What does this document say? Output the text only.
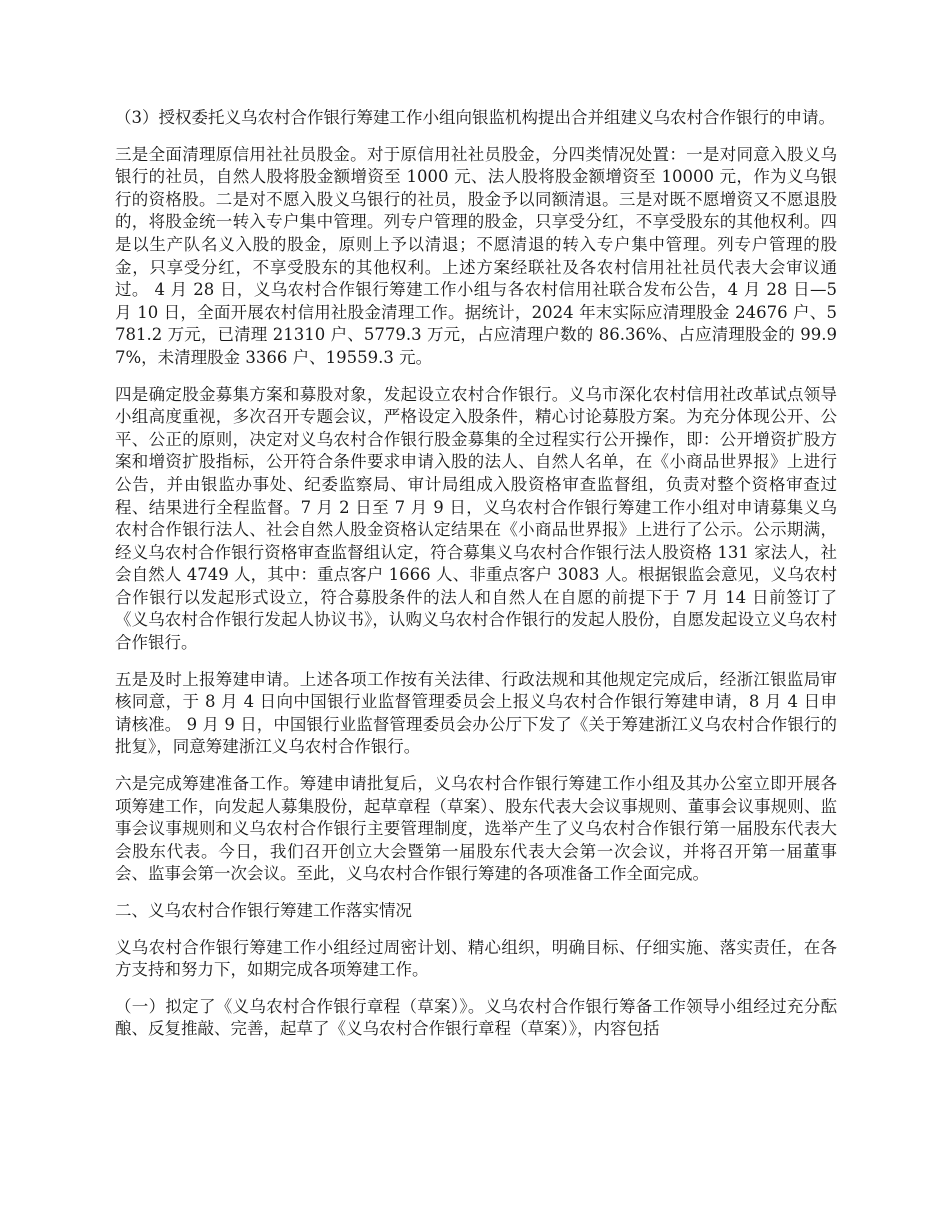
（3）授权委托义乌农村合作银行筹建工作小组向银监机构提出合并组建义乌农村合作银行的申请。

三是全面清理原信用社社员股金。对于原信用社社员股金，分四类情况处置：一是对同意入股义乌银行的社员，自然人股将股金额增资至 1000 元、法人股将股金额增资至 10000 元，作为义乌银行的资格股。二是对不愿入股义乌银行的社员，股金予以同额清退。三是对既不愿增资又不愿退股的，将股金统一转入专户集中管理。列专户管理的股金，只享受分红，不享受股东的其他权利。四是以生产队名义入股的股金，原则上予以清退；不愿清退的转入专户集中管理。列专户管理的股金，只享受分红，不享受股东的其他权利。上述方案经联社及各农村信用社社员代表大会审议通过。 4 月 28 日，义乌农村合作银行筹建工作小组与各农村信用社联合发布公告，4 月 28 日—5 月 10 日，全面开展农村信用社股金清理工作。据统计，2024 年末实际应清理股金 24676 户、5781.2 万元，已清理 21310 户、5779.3 万元，占应清理户数的 86.36%、占应清理股金的 99.97%，未清理股金 3366 户、19559.3 元。

四是确定股金募集方案和募股对象，发起设立农村合作银行。义乌市深化农村信用社改革试点领导小组高度重视，多次召开专题会议，严格设定入股条件，精心讨论募股方案。为充分体现公开、公平、公正的原则，决定对义乌农村合作银行股金募集的全过程实行公开操作，即：公开增资扩股方案和增资扩股指标，公开符合条件要求申请入股的法人、自然人名单，在《小商品世界报》上进行公告，并由银监办事处、纪委监察局、审计局组成入股资格审查监督组，负责对整个资格审查过程、结果进行全程监督。7 月 2 日至 7 月 9 日，义乌农村合作银行筹建工作小组对申请募集义乌农村合作银行法人、社会自然人股金资格认定结果在《小商品世界报》上进行了公示。公示期满，经义乌农村合作银行资格审查监督组认定，符合募集义乌农村合作银行法人股资格 131 家法人，社会自然人 4749 人，其中：重点客户 1666 人、非重点客户 3083 人。根据银监会意见，义乌农村合作银行以发起形式设立，符合募股条件的法人和自然人在自愿的前提下于 7 月 14 日前签订了《义乌农村合作银行发起人协议书》，认购义乌农村合作银行的发起人股份，自愿发起设立义乌农村合作银行。

五是及时上报筹建申请。上述各项工作按有关法律、行政法规和其他规定完成后，经浙江银监局审核同意，于 8 月 4 日向中国银行业监督管理委员会上报义乌农村合作银行筹建申请，8 月 4 日申请核准。 9 月 9 日，中国银行业监督管理委员会办公厅下发了《关于筹建浙江义乌农村合作银行的批复》，同意筹建浙江义乌农村合作银行。

六是完成筹建准备工作。筹建申请批复后，义乌农村合作银行筹建工作小组及其办公室立即开展各项筹建工作，向发起人募集股份，起草章程（草案）、股东代表大会议事规则、董事会议事规则、监事会议事规则和义乌农村合作银行主要管理制度，选举产生了义乌农村合作银行第一届股东代表大会股东代表。今日，我们召开创立大会暨第一届股东代表大会第一次会议，并将召开第一届董事会、监事会第一次会议。至此，义乌农村合作银行筹建的各项准备工作全面完成。

二、义乌农村合作银行筹建工作落实情况

义乌农村合作银行筹建工作小组经过周密计划、精心组织，明确目标、仔细实施、落实责任，在各方支持和努力下，如期完成各项筹建工作。

（一）拟定了《义乌农村合作银行章程（草案）》。义乌农村合作银行筹备工作领导小组经过充分酝酿、反复推敲、完善，起草了《义乌农村合作银行章程（草案）》，内容包括
